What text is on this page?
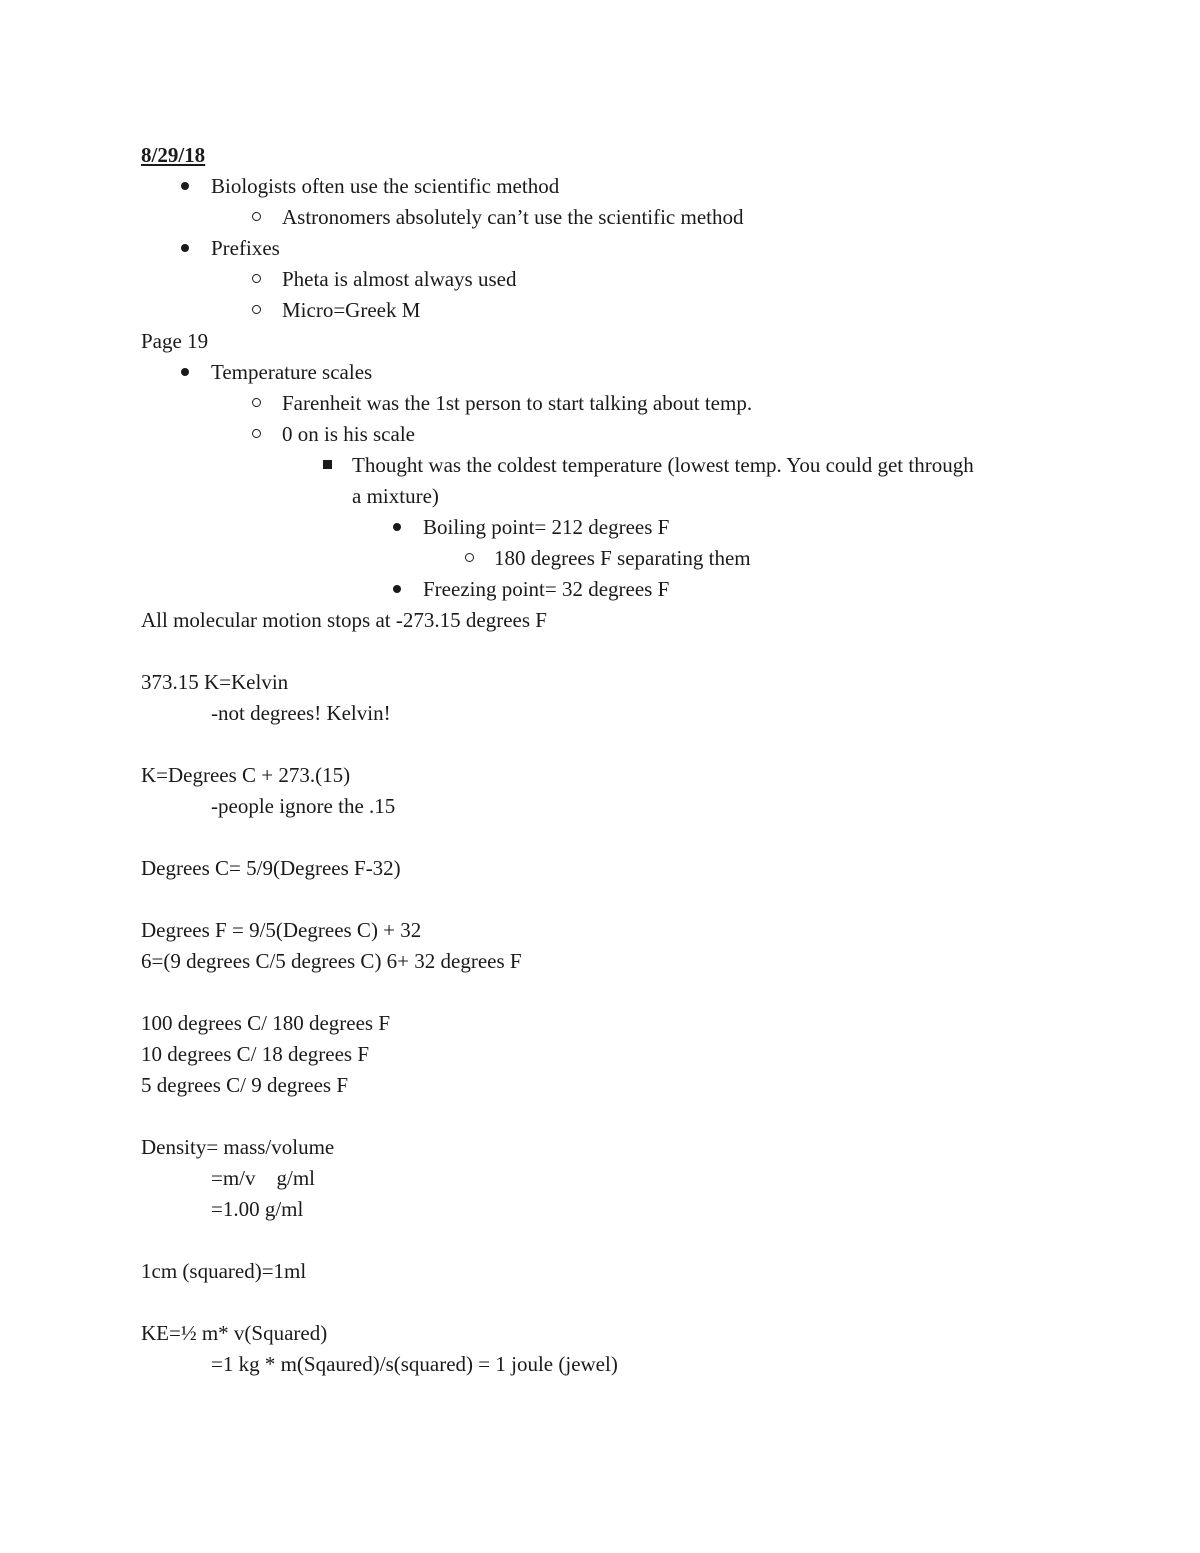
8/29/18
Biologists often use the scientific method
Astronomers absolutely can’t use the scientific method
Prefixes
Pheta is almost always used
Micro=Greek M
Page 19
Temperature scales
Farenheit was the 1st person to start talking about temp.
0 on is his scale
Thought was the coldest temperature (lowest temp. You could get through
a mixture)
Boiling point= 212 degrees F
180 degrees F separating them
Freezing point= 32 degrees F
All molecular motion stops at -273.15 degrees F
373.15 K=Kelvin
-not degrees! Kelvin!
K=Degrees C + 273.(15)
-people ignore the .15
Degrees C= 5/9(Degrees F-32)
Degrees F = 9/5(Degrees C) + 32
6=(9 degrees C/5 degrees C) 6+ 32 degrees F
100 degrees C/ 180 degrees F
10 degrees C/ 18 degrees F
5 degrees C/ 9 degrees F
Density= mass/volume
=m/v    g/ml
=1.00 g/ml
1cm (squared)=1ml
KE=½ m* v(Squared)
=1 kg * m(Sqaured)/s(squared) = 1 joule (jewel)
